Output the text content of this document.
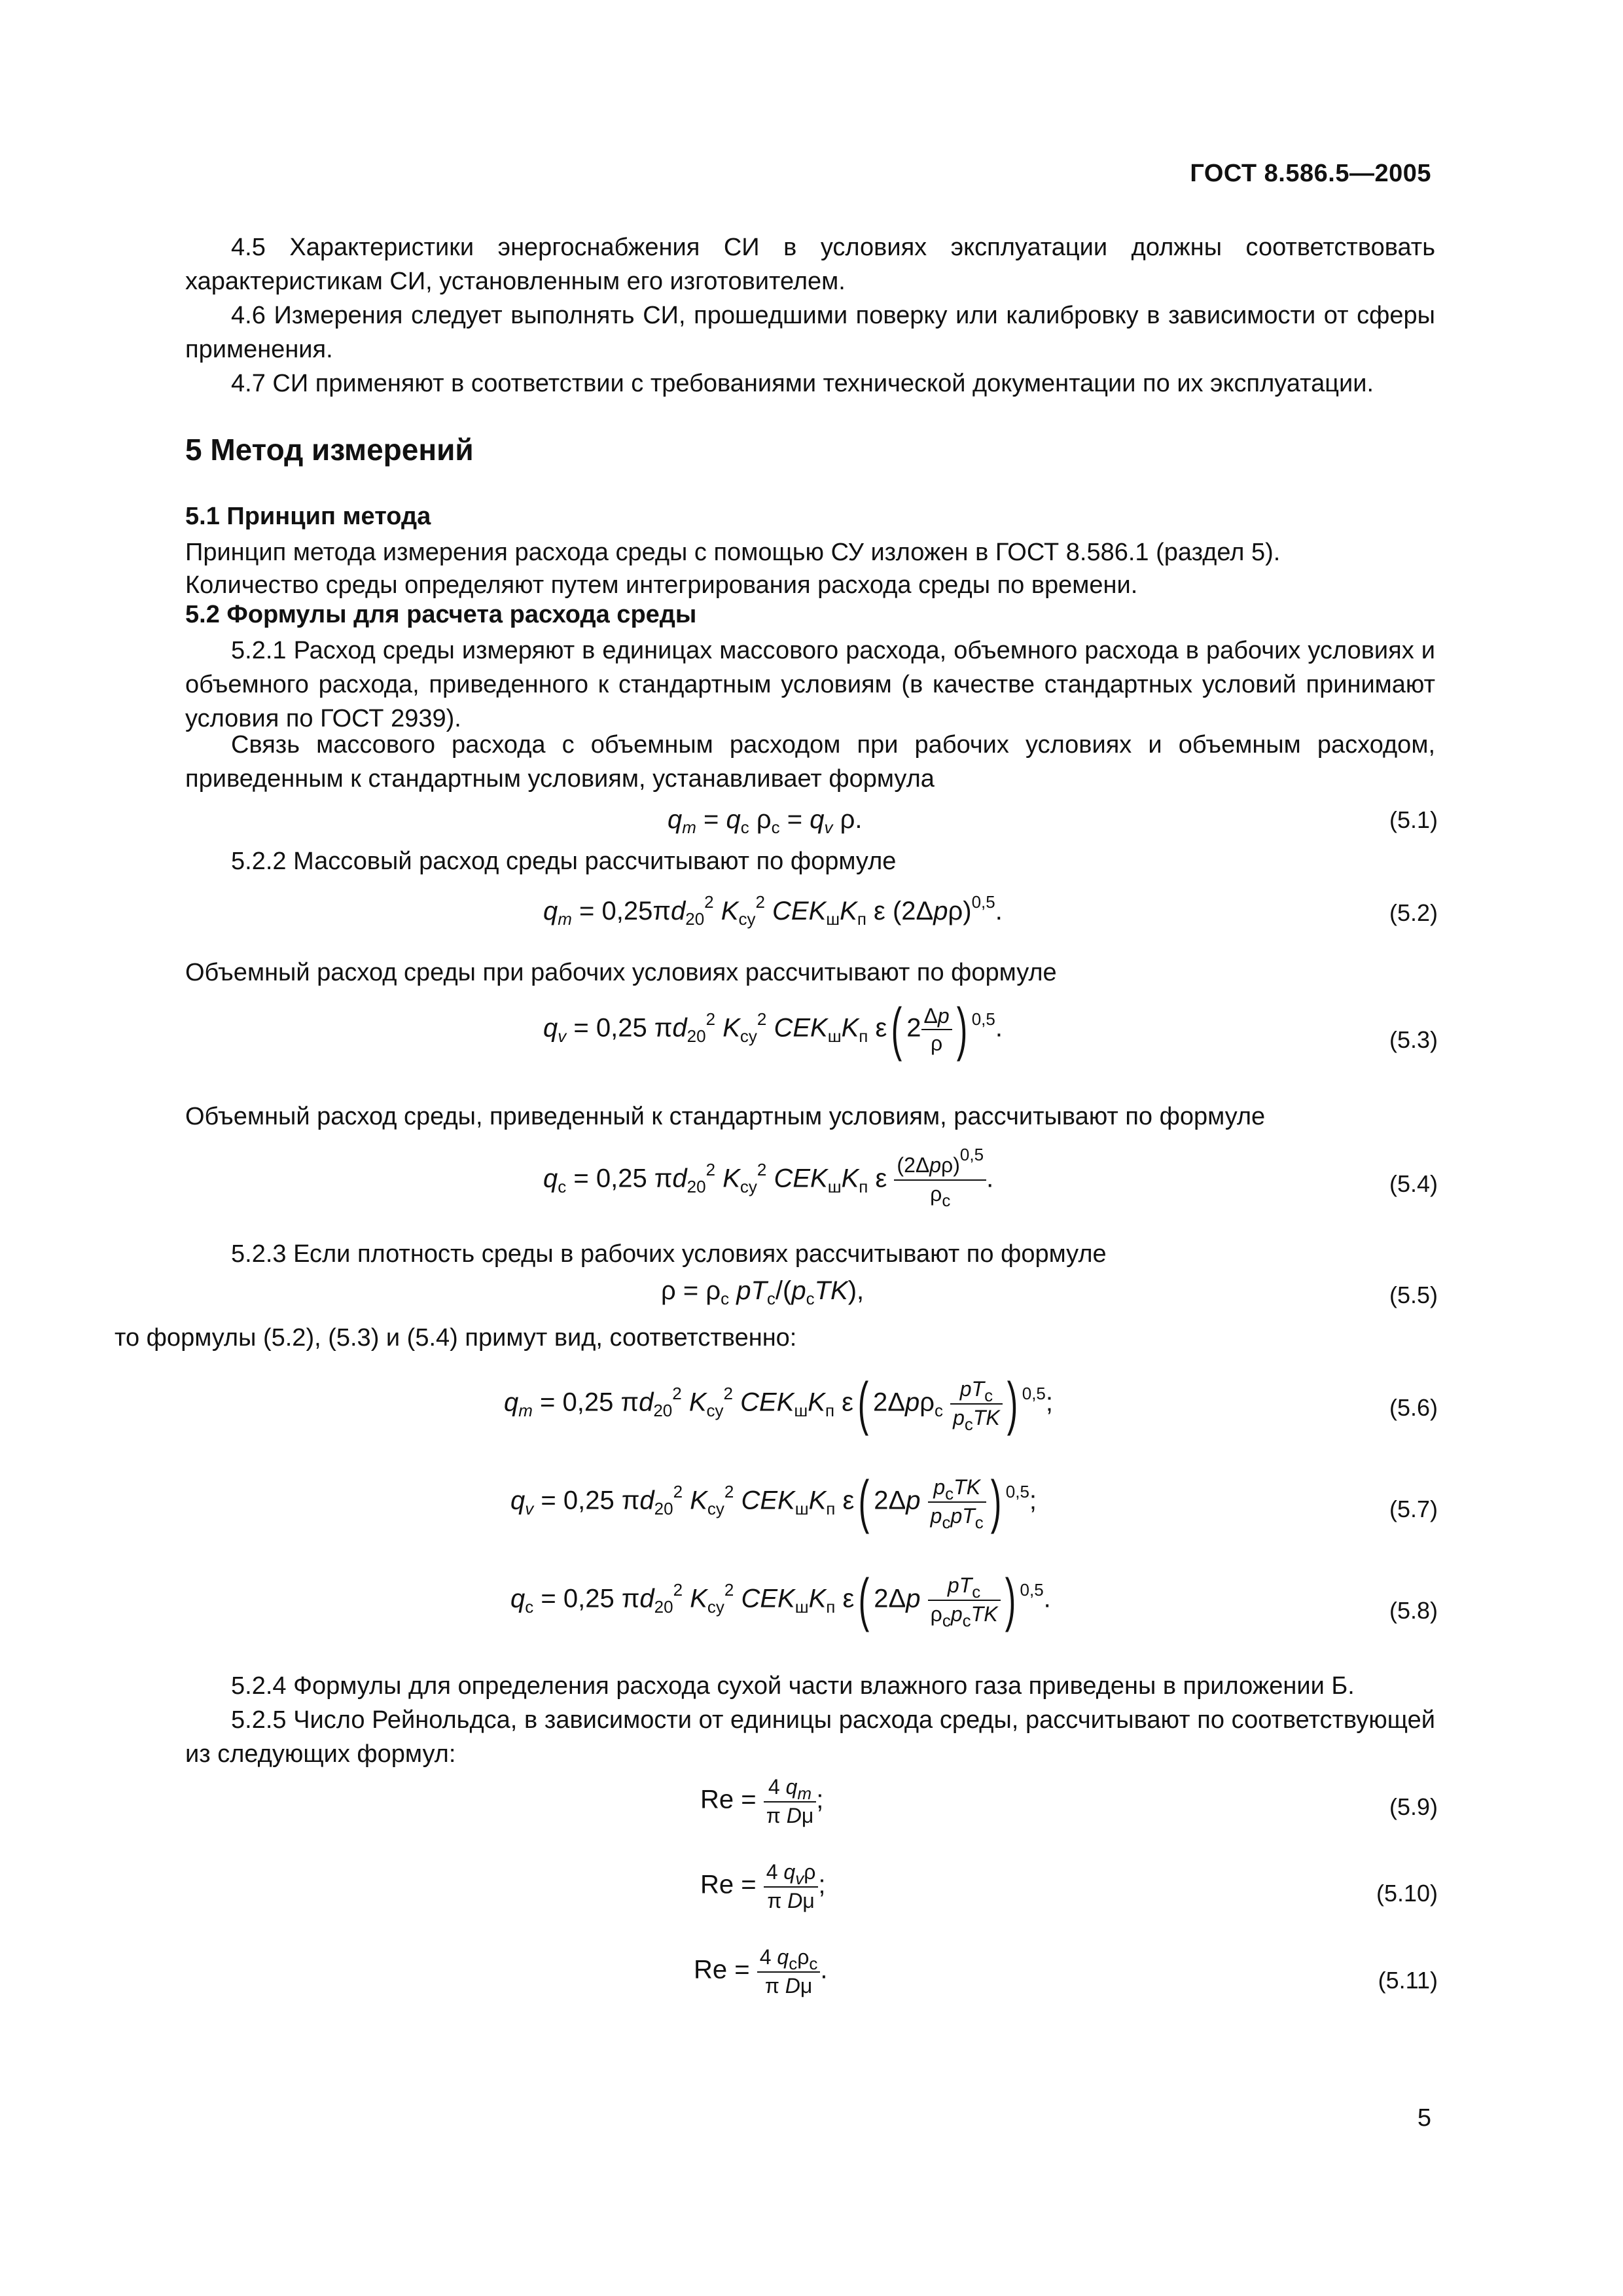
ГОСТ 8.586.5—2005

4.5 Характеристики энергоснабжения СИ в условиях эксплуатации должны соответствовать характеристикам СИ, установленным его изготовителем.

4.6 Измерения следует выполнять СИ, прошедшими поверку или калибровку в зависимости от сферы применения.

4.7 СИ применяют в соответствии с требованиями технической документации по их эксплуатации.

5 Метод измерений
5.1 Принцип метода

Принцип метода измерения расхода среды с помощью СУ изложен в ГОСТ 8.586.1 (раздел 5).

Количество среды определяют путем интегрирования расхода среды по времени.

5.2 Формулы для расчета расхода среды

5.2.1 Расход среды измеряют в единицах массового расхода, объемного расхода в рабочих условиях и объемного расхода, приведенного к стандартным условиям (в качестве стандартных условий принимают условия по ГОСТ 2939).

Связь массового расхода с объемным расходом при рабочих условиях и объемным расходом, приведенным к стандартным условиям, устанавливает формула

$q_m = q_с$ $\rho_с = q_v$ ρ.	(5.1)

5.2.2 Массовый расход среды рассчитывают по формуле

$q_m = 0,25\pi d_{20}^2$ $K_{су}^2$ $CEK_шK_п$ ε $(2\Delta p\rho)^{0,5}$.	(5.2)

Объемный расход среды при рабочих условиях рассчитывают по формуле

$q_v = 0,25$ $\pi d_{20}^2$ $K_{су}^2$ $CEK_шK_п$ ε( $2 \frac{\Delta p}{\rho}$ ) $^{0,5}$.	(5.3)

Объемный расход среды, приведенный к стандартным условиям, рассчитывают по формуле

$q_с = 0,25$ $\pi d_{20}^2$ $K_{су}^2$ $CEK_шK_п$ ε $\frac{(2\Delta p\rho)^{0,5}}{\rho_с}$ .	(5.4)

5.2.3 Если плотность среды в рабочих условиях рассчитывают по формуле

$\rho = \rho_с$ $pT_с/(p_сTK)$,	(5.5)

то формулы (5.2), (5.3) и (5.4) примут вид, соответственно:

$q_m = 0,25$ $\pi d_{20}^2$ $K_{су}^2$ $CEK_шK_п$ ε( $2\Delta p\rho_с \frac{pT_с}{p_сTK}$ ) $^{0,5}$;	(5.6)
$q_v = 0,25$ $\pi d_{20}^2$ $K_{су}^2$ $CEK_шK_п$ ε( $2\Delta p \frac{p_сTK}{p_сpT_с}$ ) $^{0,5}$;	(5.7)
$q_с = 0,25$ $\pi d_{20}^2$ $K_{су}^2$ $CEK_шK_п$ ε( $2\Delta p \frac{pT_с}{\rho_сp_сTK}$ ) $^{0,5}$.	(5.8)

5.2.4 Формулы для определения расхода сухой части влажного газа приведены в приложении Б.

5.2.5 Число Рейнольдса, в зависимости от единицы расхода среды, рассчитывают по соответствующей из следующих формул:

$Re = \frac{4 q_m}{\text{π Dμ}}$ ;	(5.9)
$Re = \frac{4 q_v\rho}{\text{π Dμ}}$ ;	(5.10)
$Re = \frac{4 q_с\rho_с}{\text{π Dμ}}$ .	(5.11)
5
